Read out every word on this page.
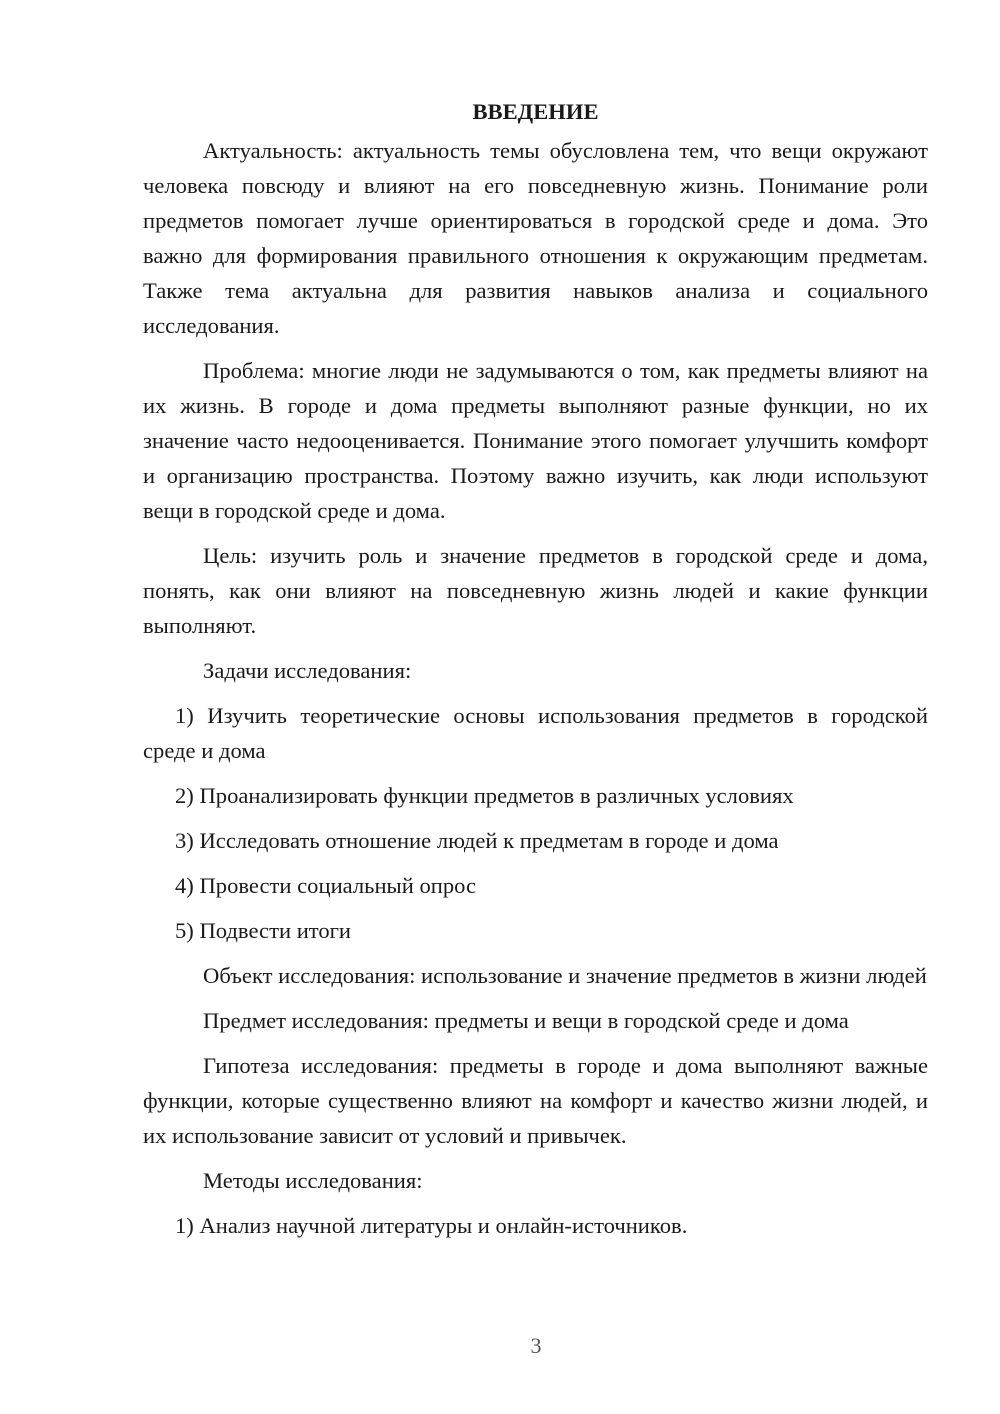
ВВЕДЕНИЕ

Актуальность: актуальность темы обусловлена тем, что вещи окружают человека повсюду и влияют на его повседневную жизнь. Понимание роли предметов помогает лучше ориентироваться в городской среде и дома. Это важно для формирования правильного отношения к окружающим предметам. Также тема актуальна для развития навыков анализа и социального исследования.

Проблема: многие люди не задумываются о том, как предметы влияют на их жизнь. В городе и дома предметы выполняют разные функции, но их значение часто недооценивается. Понимание этого помогает улучшить комфорт и организацию пространства. Поэтому важно изучить, как люди используют вещи в городской среде и дома.

Цель: изучить роль и значение предметов в городской среде и дома, понять, как они влияют на повседневную жизнь людей и какие функции выполняют.

Задачи исследования:

1) Изучить теоретические основы использования предметов в городской среде и дома

2) Проанализировать функции предметов в различных условиях

3) Исследовать отношение людей к предметам в городе и дома

4) Провести социальный опрос

5) Подвести итоги

Объект исследования: использование и значение предметов в жизни людей

Предмет исследования: предметы и вещи в городской среде и дома

Гипотеза исследования: предметы в городе и дома выполняют важные функции, которые существенно влияют на комфорт и качество жизни людей, и их использование зависит от условий и привычек.

Методы исследования:

1) Анализ научной литературы и онлайн-источников.

3
